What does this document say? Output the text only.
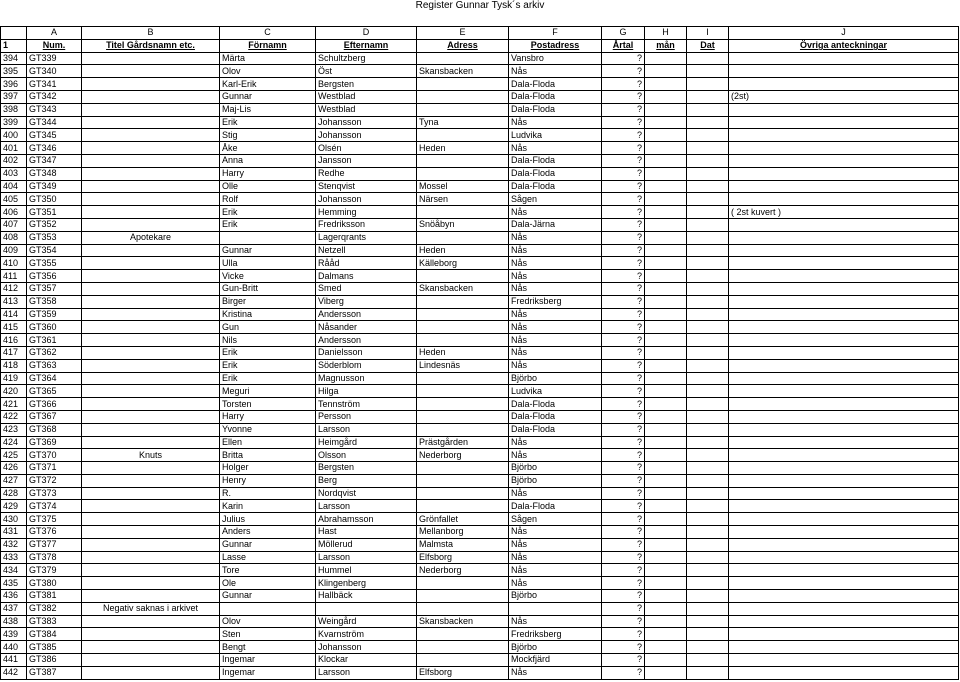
Register Gunnar Tysk´s arkiv
	A	B	C	D	E	F	G	H	I	J
1	Num.	Titel Gårdsnamn etc.	Förnamn	Efternamn	Adress	Postadress	Årtal	mån	Dat	Övriga anteckningar
394	GT339		Märta	Schultzberg		Vansbro	?			
395	GT340		Olov	Öst	Skansbacken	Nås	?			
396	GT341		Karl-Erik	Bergsten		Dala-Floda	?			
397	GT342		Gunnar	Westblad		Dala-Floda	?			(2st)
398	GT343		Maj-Lis	Westblad		Dala-Floda	?			
399	GT344		Erik	Johansson	Tyna	Nås	?			
400	GT345		Stig	Johansson		Ludvika	?			
401	GT346		Åke	Olsén	Heden	Nås	?			
402	GT347		Anna	Jansson		Dala-Floda	?			
403	GT348		Harry	Redhe		Dala-Floda	?			
404	GT349		Olle	Stenqvist	Mossel	Dala-Floda	?			
405	GT350		Rolf	Johansson	Närsen	Sågen	?			
406	GT351		Erik	Hemming		Nås	?			( 2st kuvert )
407	GT352		Erik	Fredriksson	Snöåbyn	Dala-Järna	?			
408	GT353	Apotekare		Lagerqrants		Nås	?			
409	GT354		Gunnar	Netzell	Heden	Nås	?			
410	GT355		Ulla	Rååd	Källeborg	Nås	?			
411	GT356		Vicke	Dalmans		Nås	?			
412	GT357		Gun-Britt	Smed	Skansbacken	Nås	?			
413	GT358		Birger	Viberg		Fredriksberg	?			
414	GT359		Kristina	Andersson		Nås	?			
415	GT360		Gun	Nåsander		Nås	?			
416	GT361		Nils	Andersson		Nås	?			
417	GT362		Erik	Danielsson	Heden	Nås	?			
418	GT363		Erik	Söderblom	Lindesnäs	Nås	?			
419	GT364		Erik	Magnusson		Björbo	?			
420	GT365		Meguri	Hilga		Ludvika	?			
421	GT366		Torsten	Tennström		Dala-Floda	?			
422	GT367		Harry	Persson		Dala-Floda	?			
423	GT368		Yvonne	Larsson		Dala-Floda	?			
424	GT369		Ellen	Heimgård	Prästgården	Nås	?			
425	GT370	Knuts	Britta	Olsson	Nederborg	Nås	?			
426	GT371		Holger	Bergsten		Björbo	?			
427	GT372		Henry	Berg		Björbo	?			
428	GT373		R.	Nordqvist		Nås	?			
429	GT374		Karin	Larsson		Dala-Floda	?			
430	GT375		Julius	Abrahamsson	Grönfallet	Sågen	?			
431	GT376		Anders	Hast	Mellanborg	Nås	?			
432	GT377		Gunnar	Möllerud	Malmsta	Nås	?			
433	GT378		Lasse	Larsson	Elfsborg	Nås	?			
434	GT379		Tore	Hummel	Nederborg	Nås	?			
435	GT380		Ole	Klingenberg		Nås	?			
436	GT381		Gunnar	Hallbäck		Björbo	?			
437	GT382	Negativ saknas i arkivet					?			
438	GT383		Olov	Weingård	Skansbacken	Nås	?			
439	GT384		Sten	Kvarnström		Fredriksberg	?			
440	GT385		Bengt	Johansson		Björbo	?			
441	GT386		Ingemar	Klockar		Mockfjärd	?			
442	GT387		Ingemar	Larsson	Elfsborg	Nås	?			
